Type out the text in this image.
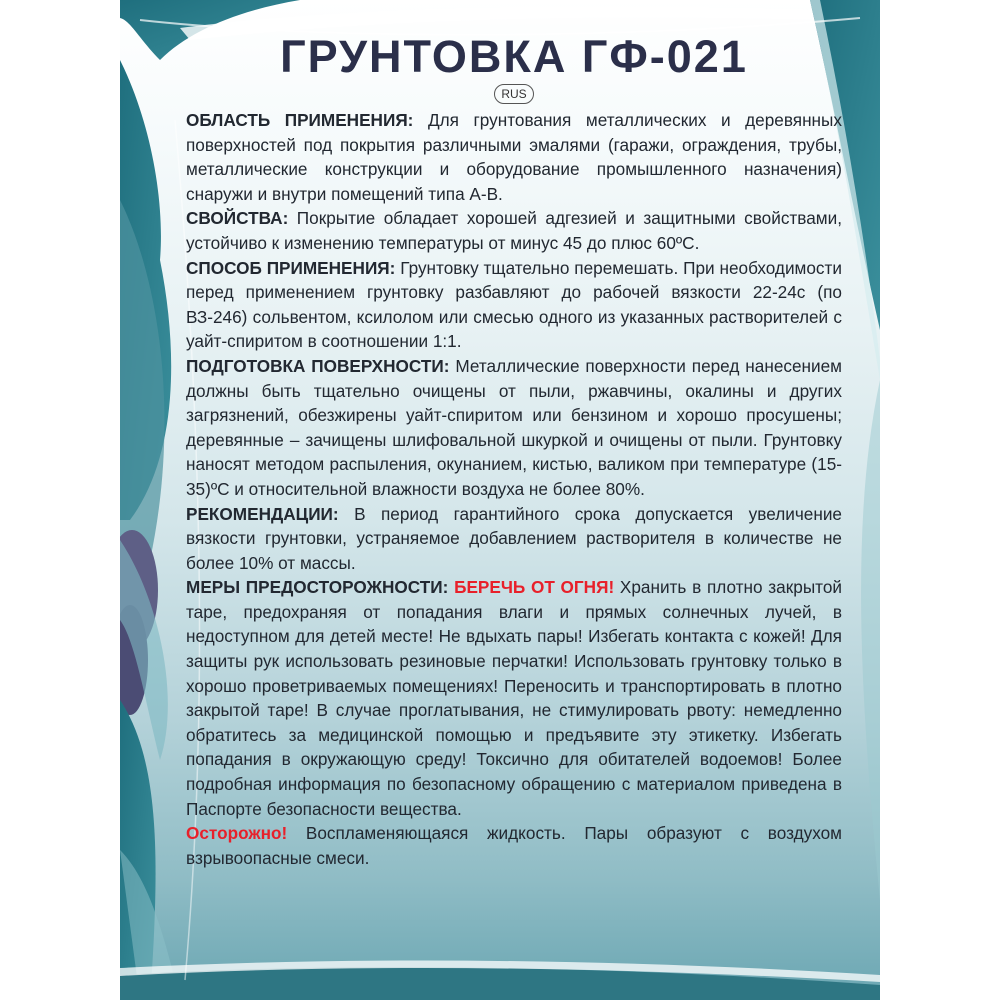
ГРУНТОВКА ГФ-021
RUS

ОБЛАСТЬ ПРИМЕНЕНИЯ: Для грунтования металлических и деревянных поверхностей под покрытия различными эмалями (гаражи, ограждения, трубы, металлические конструкции и оборудование промышленного назначения) снаружи и внутри помещений типа А-В.

СВОЙСТВА: Покрытие обладает хорошей адгезией и защитными свойствами, устойчиво к изменению температуры от минус 45 до плюс 60ºС.

СПОСОБ ПРИМЕНЕНИЯ: Грунтовку тщательно перемешать. При необходимости перед применением грунтовку разбавляют до рабочей вязкости 22-24с (по ВЗ-246) сольвентом, ксилолом или смесью одного из указанных растворителей с уайт-спиритом в соотношении 1:1.

ПОДГОТОВКА ПОВЕРХНОСТИ: Металлические поверхности перед нанесением должны быть тщательно очищены от пыли, ржавчины, окалины и других загрязнений, обезжирены уайт-спиритом или бензином и хорошо просушены; деревянные – зачищены шлифовальной шкуркой и очищены от пыли. Грунтовку наносят методом распыления, окунанием, кистью, валиком при температуре (15-35)ºС и относительной влажности воздуха не более 80%.

РЕКОМЕНДАЦИИ: В период гарантийного срока допускается увеличение вязкости грунтовки, устраняемое добавлением растворителя в количестве не более 10% от массы.

МЕРЫ ПРЕДОСТОРОЖНОСТИ: БЕРЕЧЬ ОТ ОГНЯ! Хранить в плотно закрытой таре, предохраняя от попадания влаги и прямых солнечных лучей, в недоступном для детей месте! Не вдыхать пары! Избегать контакта с кожей! Для защиты рук использовать резиновые перчатки! Использовать грунтовку только в хорошо проветриваемых помещениях! Переносить и транспортировать в плотно закрытой таре! В случае проглатывания, не стимулировать рвоту: немедленно обратитесь за медицинской помощью и предъявите эту этикетку. Избегать попадания в окружающую среду! Токсично для обитателей водоемов! Более подробная информация по безопасному обращению с материалом приведена в Паспорте безопасности вещества.

Осторожно! Воспламеняющаяся жидкость. Пары образуют с воздухом взрывоопасные смеси.
